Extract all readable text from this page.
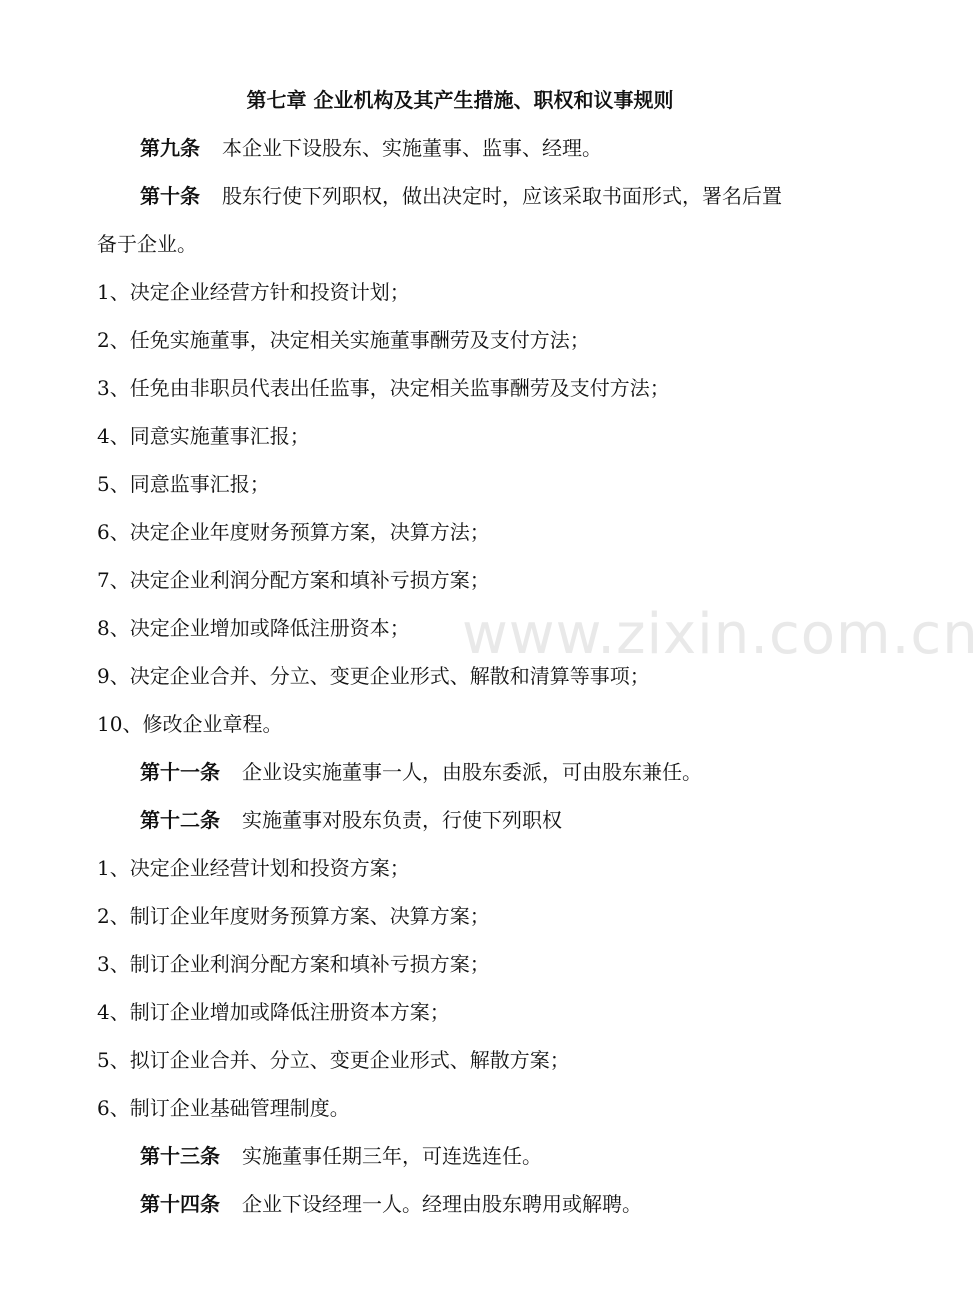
www.zixin.com.cn
第七章 企业机构及其产生措施、职权和议事规则
第九条 本企业下设股东、实施董事、监事、经理。
第十条 股东行使下列职权，做出决定时，应该采取书面形式，署名后置
备于企业。
1、决定企业经营方针和投资计划；
2、任免实施董事，决定相关实施董事酬劳及支付方法；
3、任免由非职员代表出任监事，决定相关监事酬劳及支付方法；
4、同意实施董事汇报；
5、同意监事汇报；
6、决定企业年度财务预算方案，决算方法；
7、决定企业利润分配方案和填补亏损方案；
8、决定企业增加或降低注册资本；
9、决定企业合并、分立、变更企业形式、解散和清算等事项；
10、修改企业章程。
第十一条 企业设实施董事一人，由股东委派，可由股东兼任。
第十二条 实施董事对股东负责，行使下列职权
1、决定企业经营计划和投资方案；
2、制订企业年度财务预算方案、决算方案；
3、制订企业利润分配方案和填补亏损方案；
4、制订企业增加或降低注册资本方案；
5、拟订企业合并、分立、变更企业形式、解散方案；
6、制订企业基础管理制度。
第十三条 实施董事任期三年，可连选连任。
第十四条 企业下设经理一人。经理由股东聘用或解聘。
